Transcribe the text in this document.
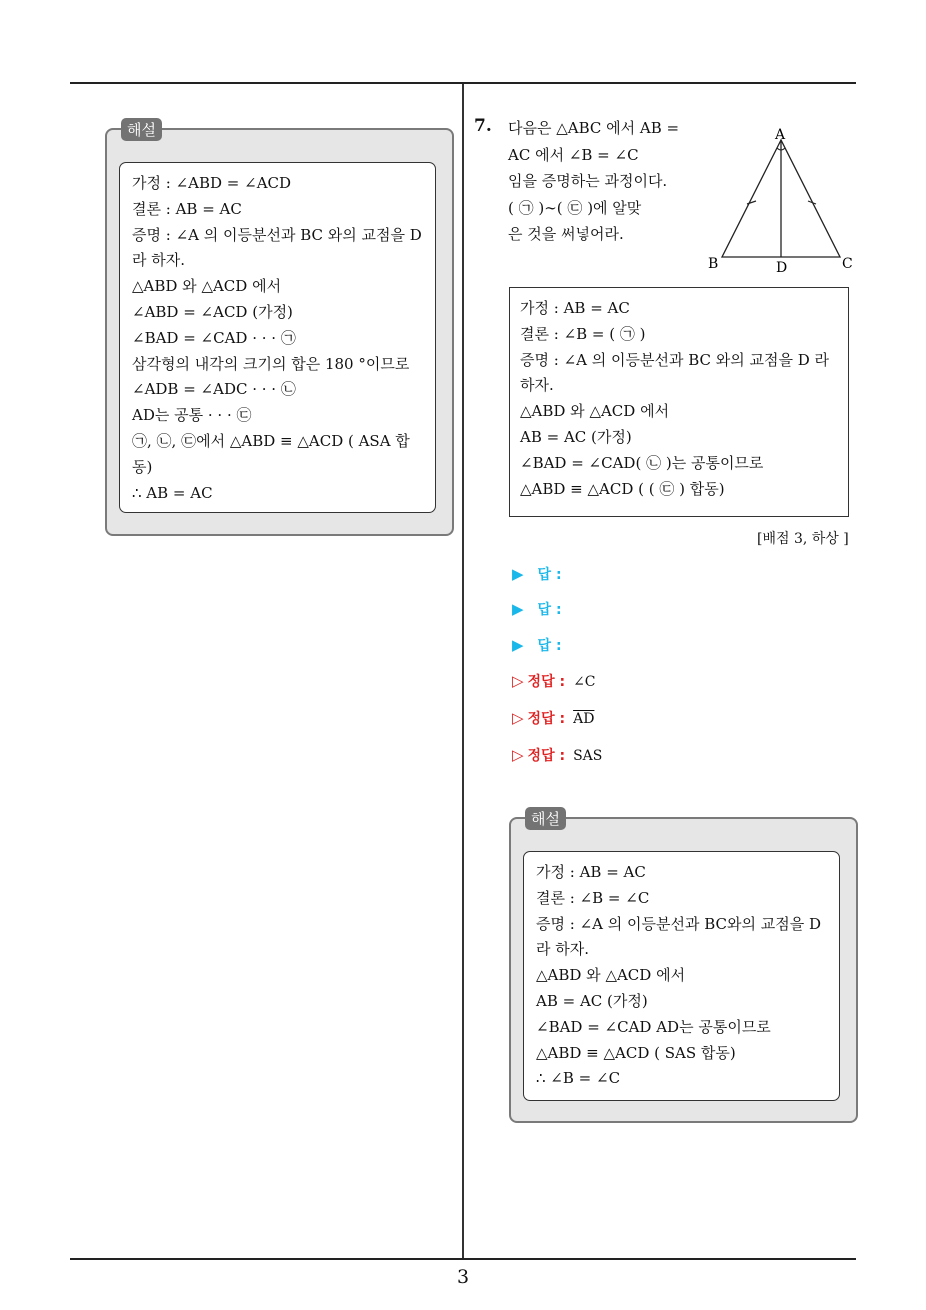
해설

가정 : ∠ABD = ∠ACD

결론 : AB = AC

증명 : ∠A 의 이등분선과 BC 와의 교점을 D

라 하자.

△ABD 와 △ACD 에서

∠ABD = ∠ACD (가정)

∠BAD = ∠CAD · · · ㉠

삼각형의 내각의 크기의 합은 180 °이므로

∠ADB = ∠ADC · · · ㉡

AD는 공통 · · · ㉢

㉠, ㉡, ㉢에서 △ABD ≡ △ACD ( ASA 합

동)

∴ AB = AC

7. 다음은 △ABC 에서 AB =
AC 에서 ∠B = ∠C
임을 증명하는 과정이다.
( ㉠ )∼( ㉢ )에 알맞
은 것을 써넣어라.
A
B	C
D

가정 : AB = AC

결론 : ∠B = ( ㉠ )

증명 : ∠A 의 이등분선과 BC 와의 교점을 D 라

하자.

△ABD 와 △ACD 에서

AB = AC (가정)

∠BAD = ∠CAD( ㉡ )는 공통이므로

△ABD ≡ △ACD ( ( ㉢ ) 합동)

[배점 3, 하상 ]
▶ 답 :
▶ 답 :
▶ 답 :
▷ 정답 : ∠C
▷ 정답 : $\overline{AD}$
▷ 정답 : SAS
해설

가정 : AB = AC

결론 : ∠B = ∠C

증명 : ∠A 의 이등분선과 BC와의 교점을 D

라 하자.

△ABD 와 △ACD 에서

AB = AC (가정)

∠BAD = ∠CAD AD는 공통이므로

△ABD ≡ △ACD ( SAS 합동)

∴ ∠B = ∠C

3
